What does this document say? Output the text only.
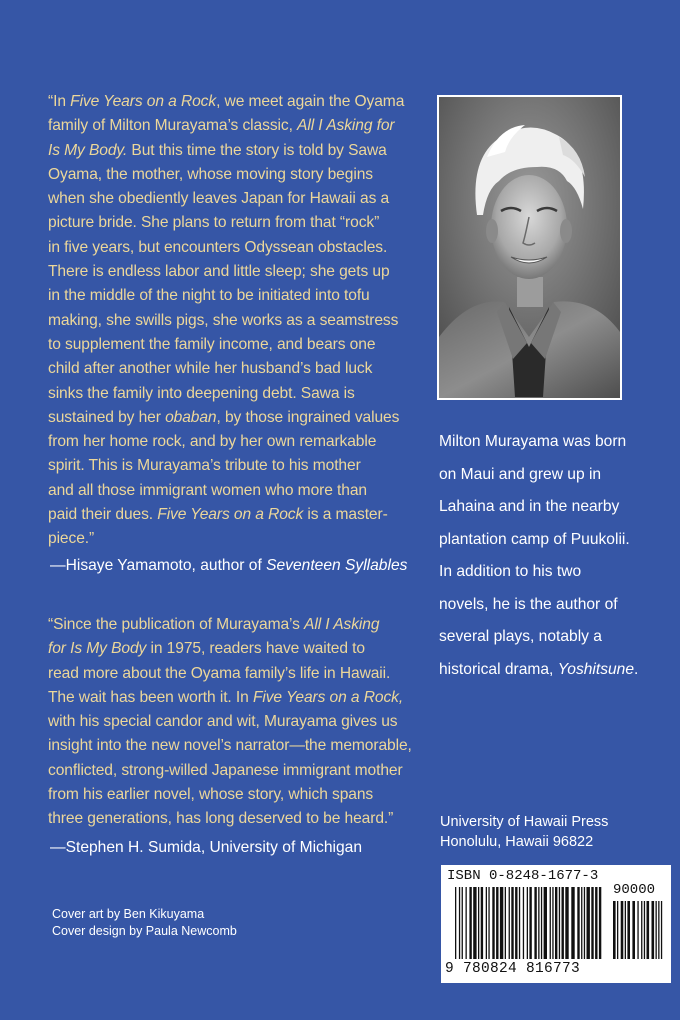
“In Five Years on a Rock, we meet again the Oyama
family of Milton Murayama’s classic, All I Asking for
Is My Body. But this time the story is told by Sawa
Oyama, the mother, whose moving story begins
when she obediently leaves Japan for Hawaii as a
picture bride. She plans to return from that “rock”
in five years, but encounters Odyssean obstacles.
There is endless labor and little sleep; she gets up
in the middle of the night to be initiated into tofu
making, she swills pigs, she works as a seamstress
to supplement the family income, and bears one
child after another while her husband’s bad luck
sinks the family into deepening debt. Sawa is
sustained by her obaban, by those ingrained values
from her home rock, and by her own remarkable
spirit. This is Murayama’s tribute to his mother
and all those immigrant women who more than
paid their dues. Five Years on a Rock is a master-
piece.”

—Hisaye Yamamoto, author of Seventeen Syllables

“Since the publication of Murayama’s All I Asking
for Is My Body in 1975, readers have waited to
read more about the Oyama family’s life in Hawaii.
The wait has been worth it. In Five Years on a Rock,
with his special candor and wit, Murayama gives us
insight into the new novel’s narrator—the memorable,
conflicted, strong-willed Japanese immigrant mother
from his earlier novel, whose story, which spans
three generations, has long deserved to be heard.”

—Stephen H. Sumida, University of Michigan

Milton Murayama was born
on Maui and grew up in
Lahaina and in the nearby
plantation camp of Puukolii.
In addition to his two
novels, he is the author of
several plays, notably a
historical drama, Yoshitsune.
University of Hawaii Press
Honolulu, Hawaii 96822
Cover art by Ben Kikuyama
Cover design by Paula Newcomb
ISBN 0-8248-1677-3
90000
9 780824 816773
